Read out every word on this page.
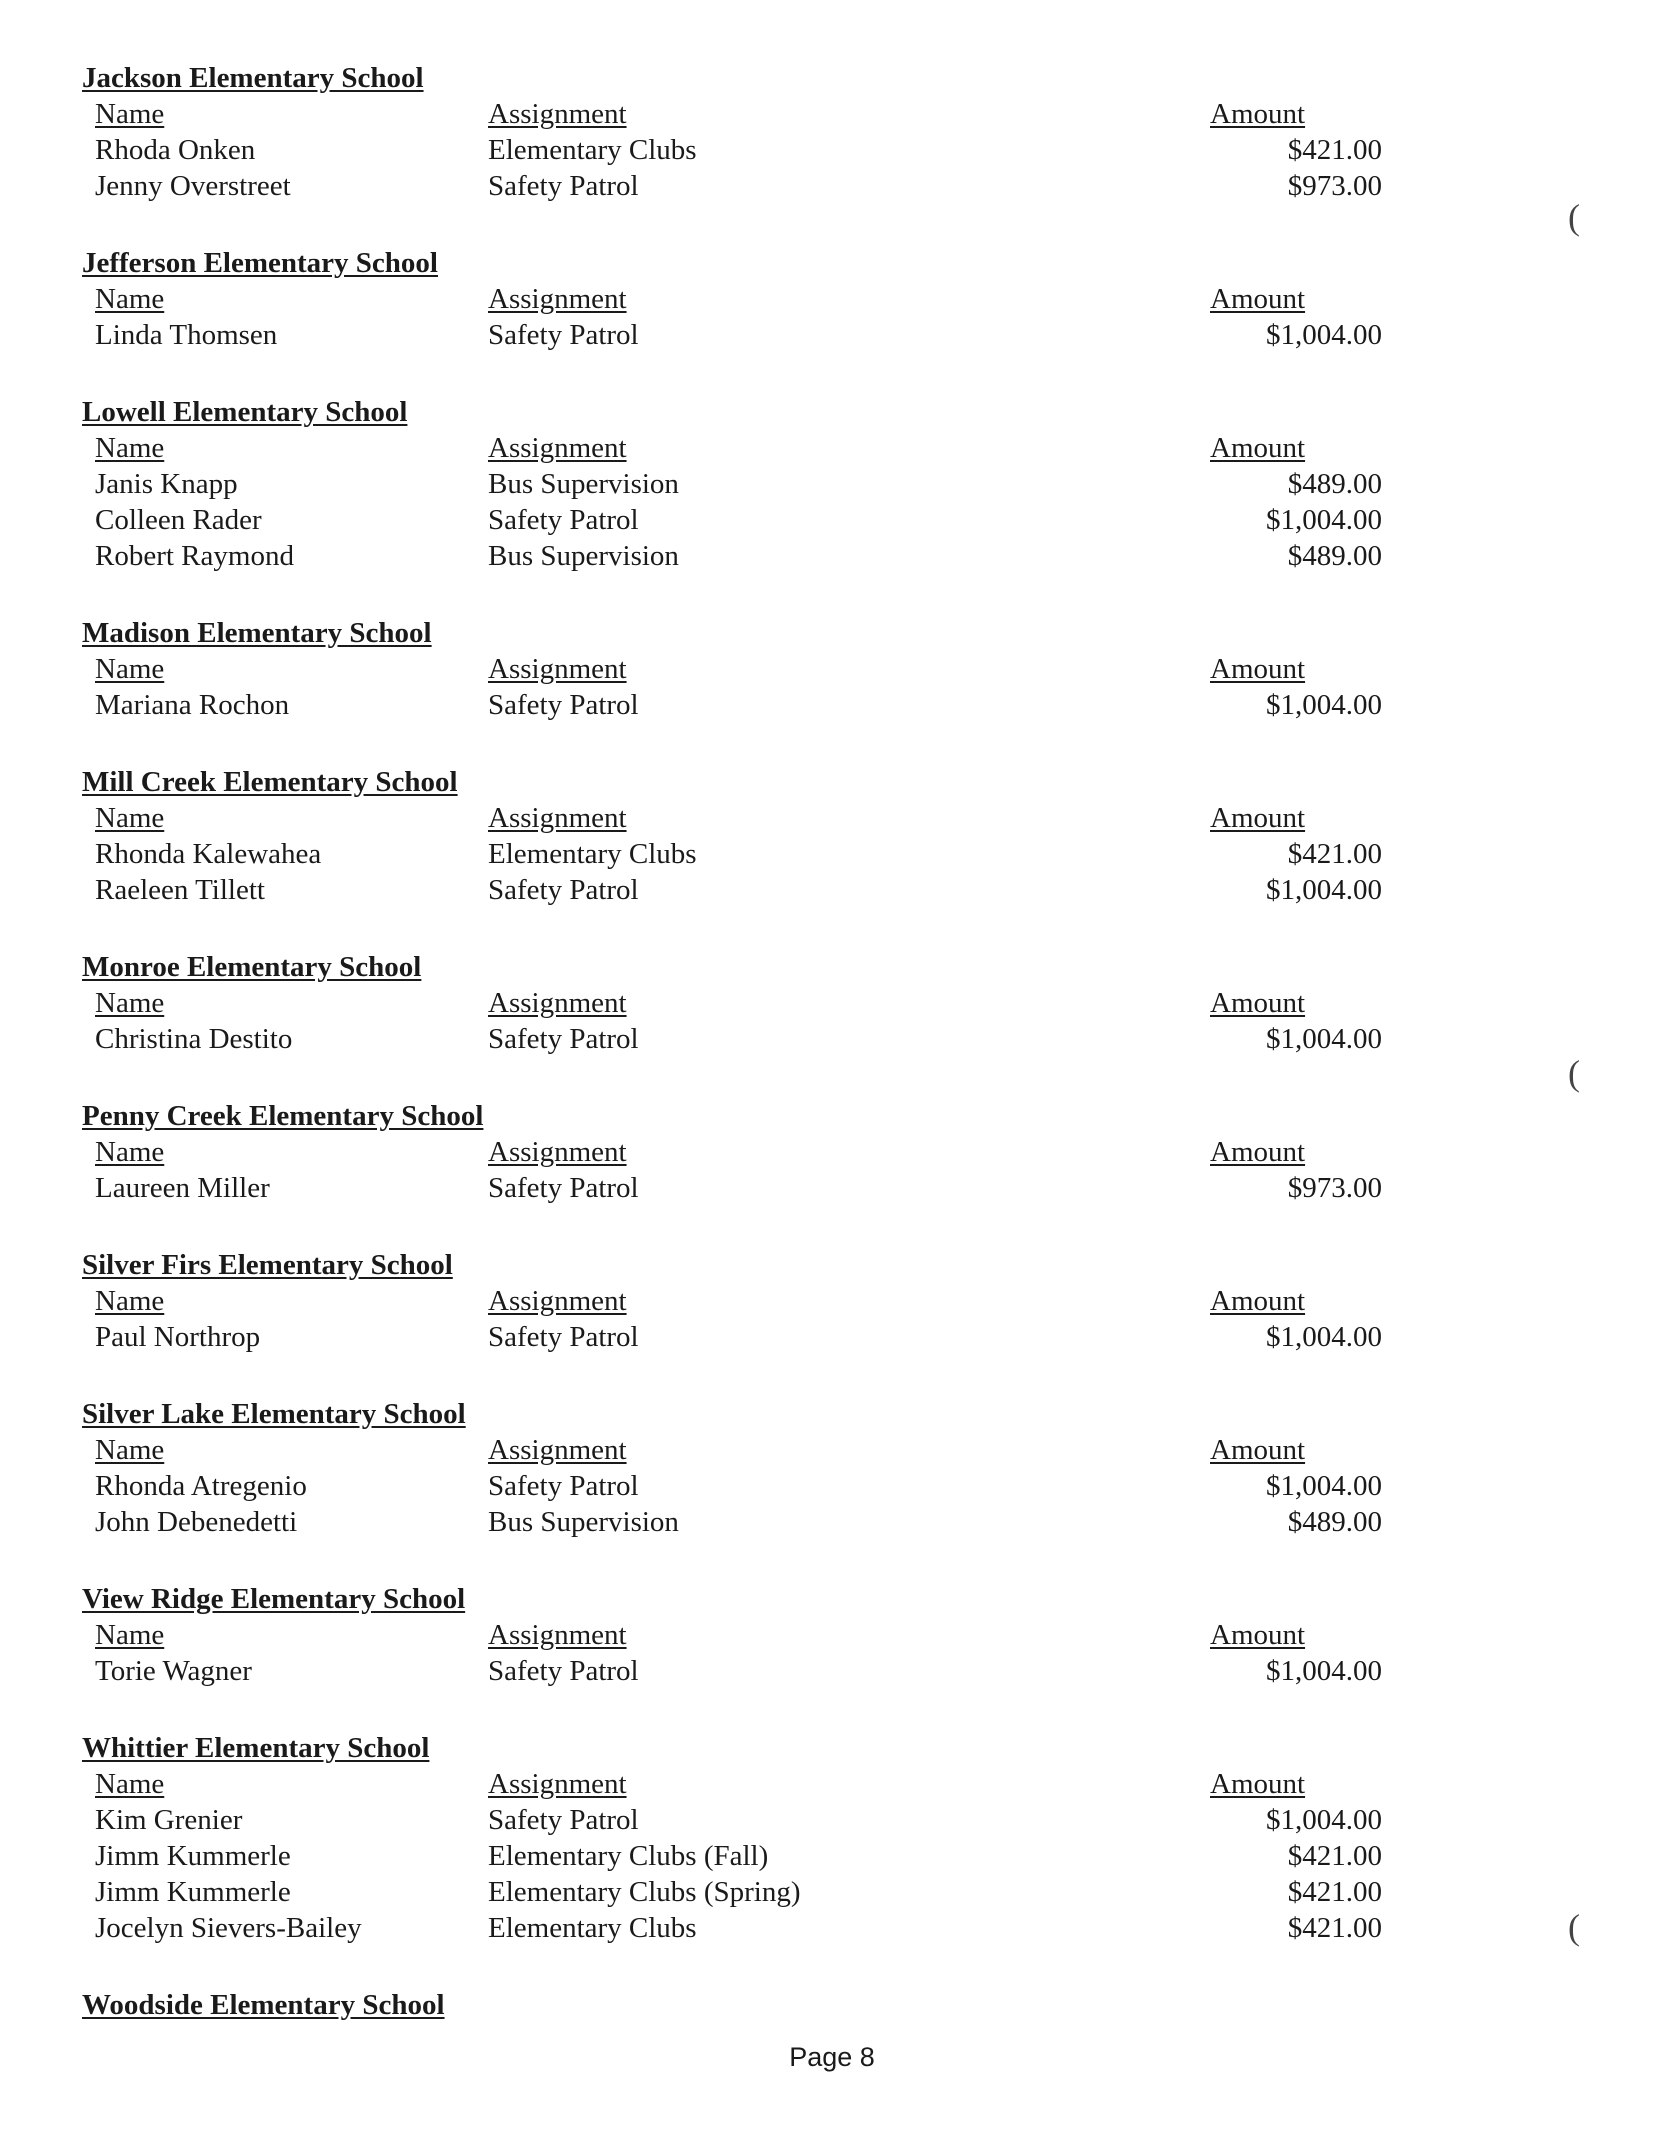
Jackson Elementary School
Name	Assignment	Amount
Rhoda Onken	Elementary Clubs	$421.00
Jenny Overstreet	Safety Patrol	$973.00
Jefferson Elementary School
Name	Assignment	Amount
Linda Thomsen	Safety Patrol	$1,004.00
Lowell Elementary School
Name	Assignment	Amount
Janis Knapp	Bus Supervision	$489.00
Colleen Rader	Safety Patrol	$1,004.00
Robert Raymond	Bus Supervision	$489.00
Madison Elementary School
Name	Assignment	Amount
Mariana Rochon	Safety Patrol	$1,004.00
Mill Creek Elementary School
Name	Assignment	Amount
Rhonda Kalewahea	Elementary Clubs	$421.00
Raeleen Tillett	Safety Patrol	$1,004.00
Monroe Elementary School
Name	Assignment	Amount
Christina Destito	Safety Patrol	$1,004.00
Penny Creek Elementary School
Name	Assignment	Amount
Laureen Miller	Safety Patrol	$973.00
Silver Firs Elementary School
Name	Assignment	Amount
Paul Northrop	Safety Patrol	$1,004.00
Silver Lake Elementary School
Name	Assignment	Amount
Rhonda Atregenio	Safety Patrol	$1,004.00
John Debenedetti	Bus Supervision	$489.00
View Ridge Elementary School
Name	Assignment	Amount
Torie Wagner	Safety Patrol	$1,004.00
Whittier Elementary School
Name	Assignment	Amount
Kim Grenier	Safety Patrol	$1,004.00
Jimm Kummerle	Elementary Clubs (Fall)	$421.00
Jimm Kummerle	Elementary Clubs (Spring)	$421.00
Jocelyn Sievers-Bailey	Elementary Clubs	$421.00
Woodside Elementary School
Page 8
(
(
(
